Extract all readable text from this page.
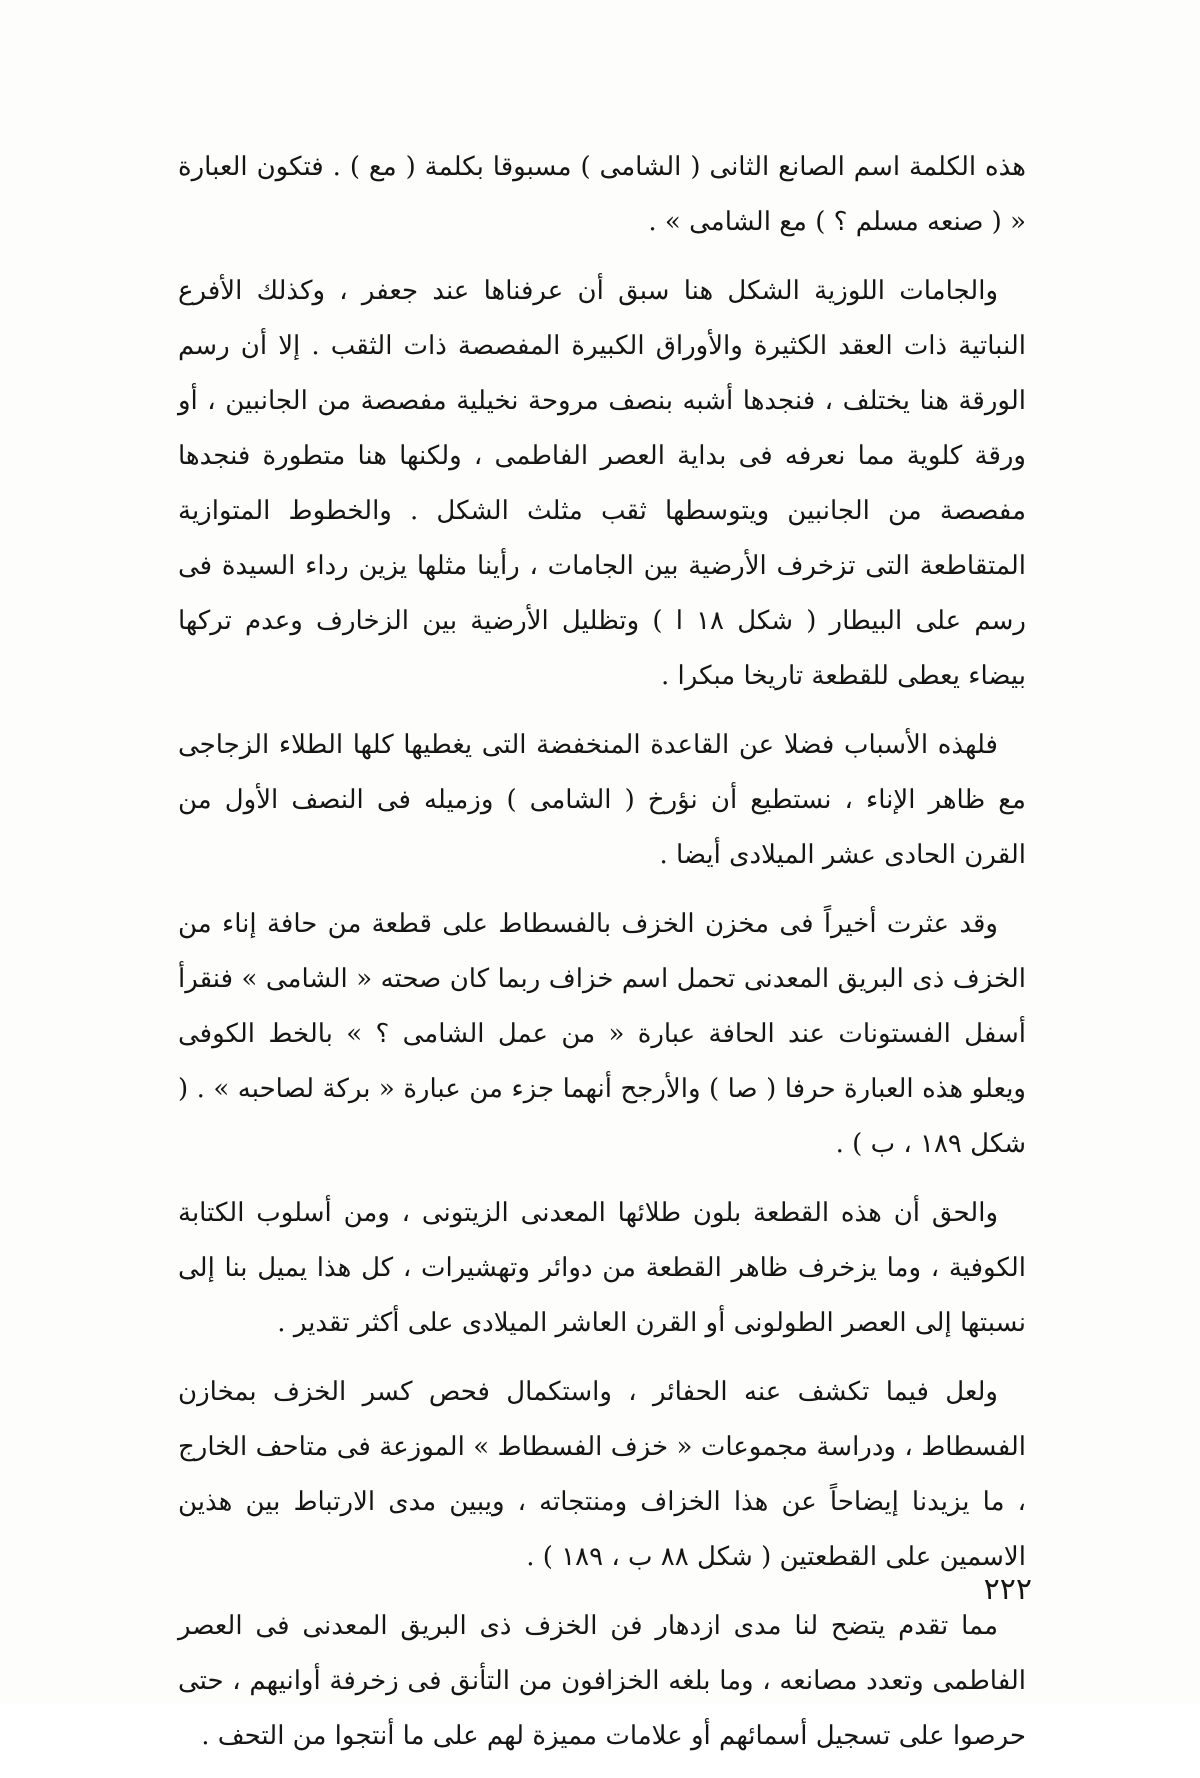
هذه الكلمة اسم الصانع الثانى ( الشامى ) مسبوقا بكلمة ( مع ) . فتكون العبارة « ( صنعه مسلم ؟ ) مع الشامى » .

والجامات اللوزية الشكل هنا سبق أن عرفناها عند جعفر ، وكذلك الأفرع النباتية ذات العقد الكثيرة والأوراق الكبيرة المفصصة ذات الثقب . إلا أن رسم الورقة هنا يختلف ، فنجدها أشبه بنصف مروحة نخيلية مفصصة من الجانبين ، أو ورقة كلوية مما نعرفه فى بداية العصر الفاطمى ، ولكنها هنا متطورة فنجدها مفصصة من الجانبين ويتوسطها ثقب مثلث الشكل . والخطوط المتوازية المتقاطعة التى تزخرف الأرضية بين الجامات ، رأينا مثلها يزين رداء السيدة فى رسم على البيطار ( شكل ١٨ ا ) وتظليل الأرضية بين الزخارف وعدم تركها بيضاء يعطى للقطعة تاريخا مبكرا .

فلهذه الأسباب فضلا عن القاعدة المنخفضة التى يغطيها كلها الطلاء الزجاجى مع ظاهر الإناء ، نستطيع أن نؤرخ ( الشامى ) وزميله فى النصف الأول من القرن الحادى عشر الميلادى أيضا .

وقد عثرت أخيراً فى مخزن الخزف بالفسطاط على قطعة من حافة إناء من الخزف ذى البريق المعدنى تحمل اسم خزاف ربما كان صحته « الشامى » فنقرأ أسفل الفستونات عند الحافة عبارة « من عمل الشامى ؟ » بالخط الكوفى ويعلو هذه العبارة حرفا ( صا ) والأرجح أنهما جزء من عبارة « بركة لصاحبه » . ( شكل ١٨٩ ، ب ) .

والحق أن هذه القطعة بلون طلائها المعدنى الزيتونى ، ومن أسلوب الكتابة الكوفية ، وما يزخرف ظاهر القطعة من دوائر وتهشيرات ، كل هذا يميل بنا إلى نسبتها إلى العصر الطولونى أو القرن العاشر الميلادى على أكثر تقدير .

ولعل فيما تكشف عنه الحفائر ، واستكمال فحص كسر الخزف بمخازن الفسطاط ، ودراسة مجموعات « خزف الفسطاط » الموزعة فى متاحف الخارج ، ما يزيدنا إيضاحاً عن هذا الخزاف ومنتجاته ، ويبين مدى الارتباط بين هذين الاسمين على القطعتين ( شكل ٨٨ ب ، ١٨٩ ) .

مما تقدم يتضح لنا مدى ازدهار فن الخزف ذى البريق المعدنى فى العصر الفاطمى وتعدد مصانعه ، وما بلغه الخزافون من التأنق فى زخرفة أوانيهم ، حتى حرصوا على تسجيل أسمائهم أو علامات مميزة لهم على ما أنتجوا من التحف .

٢٢٢
